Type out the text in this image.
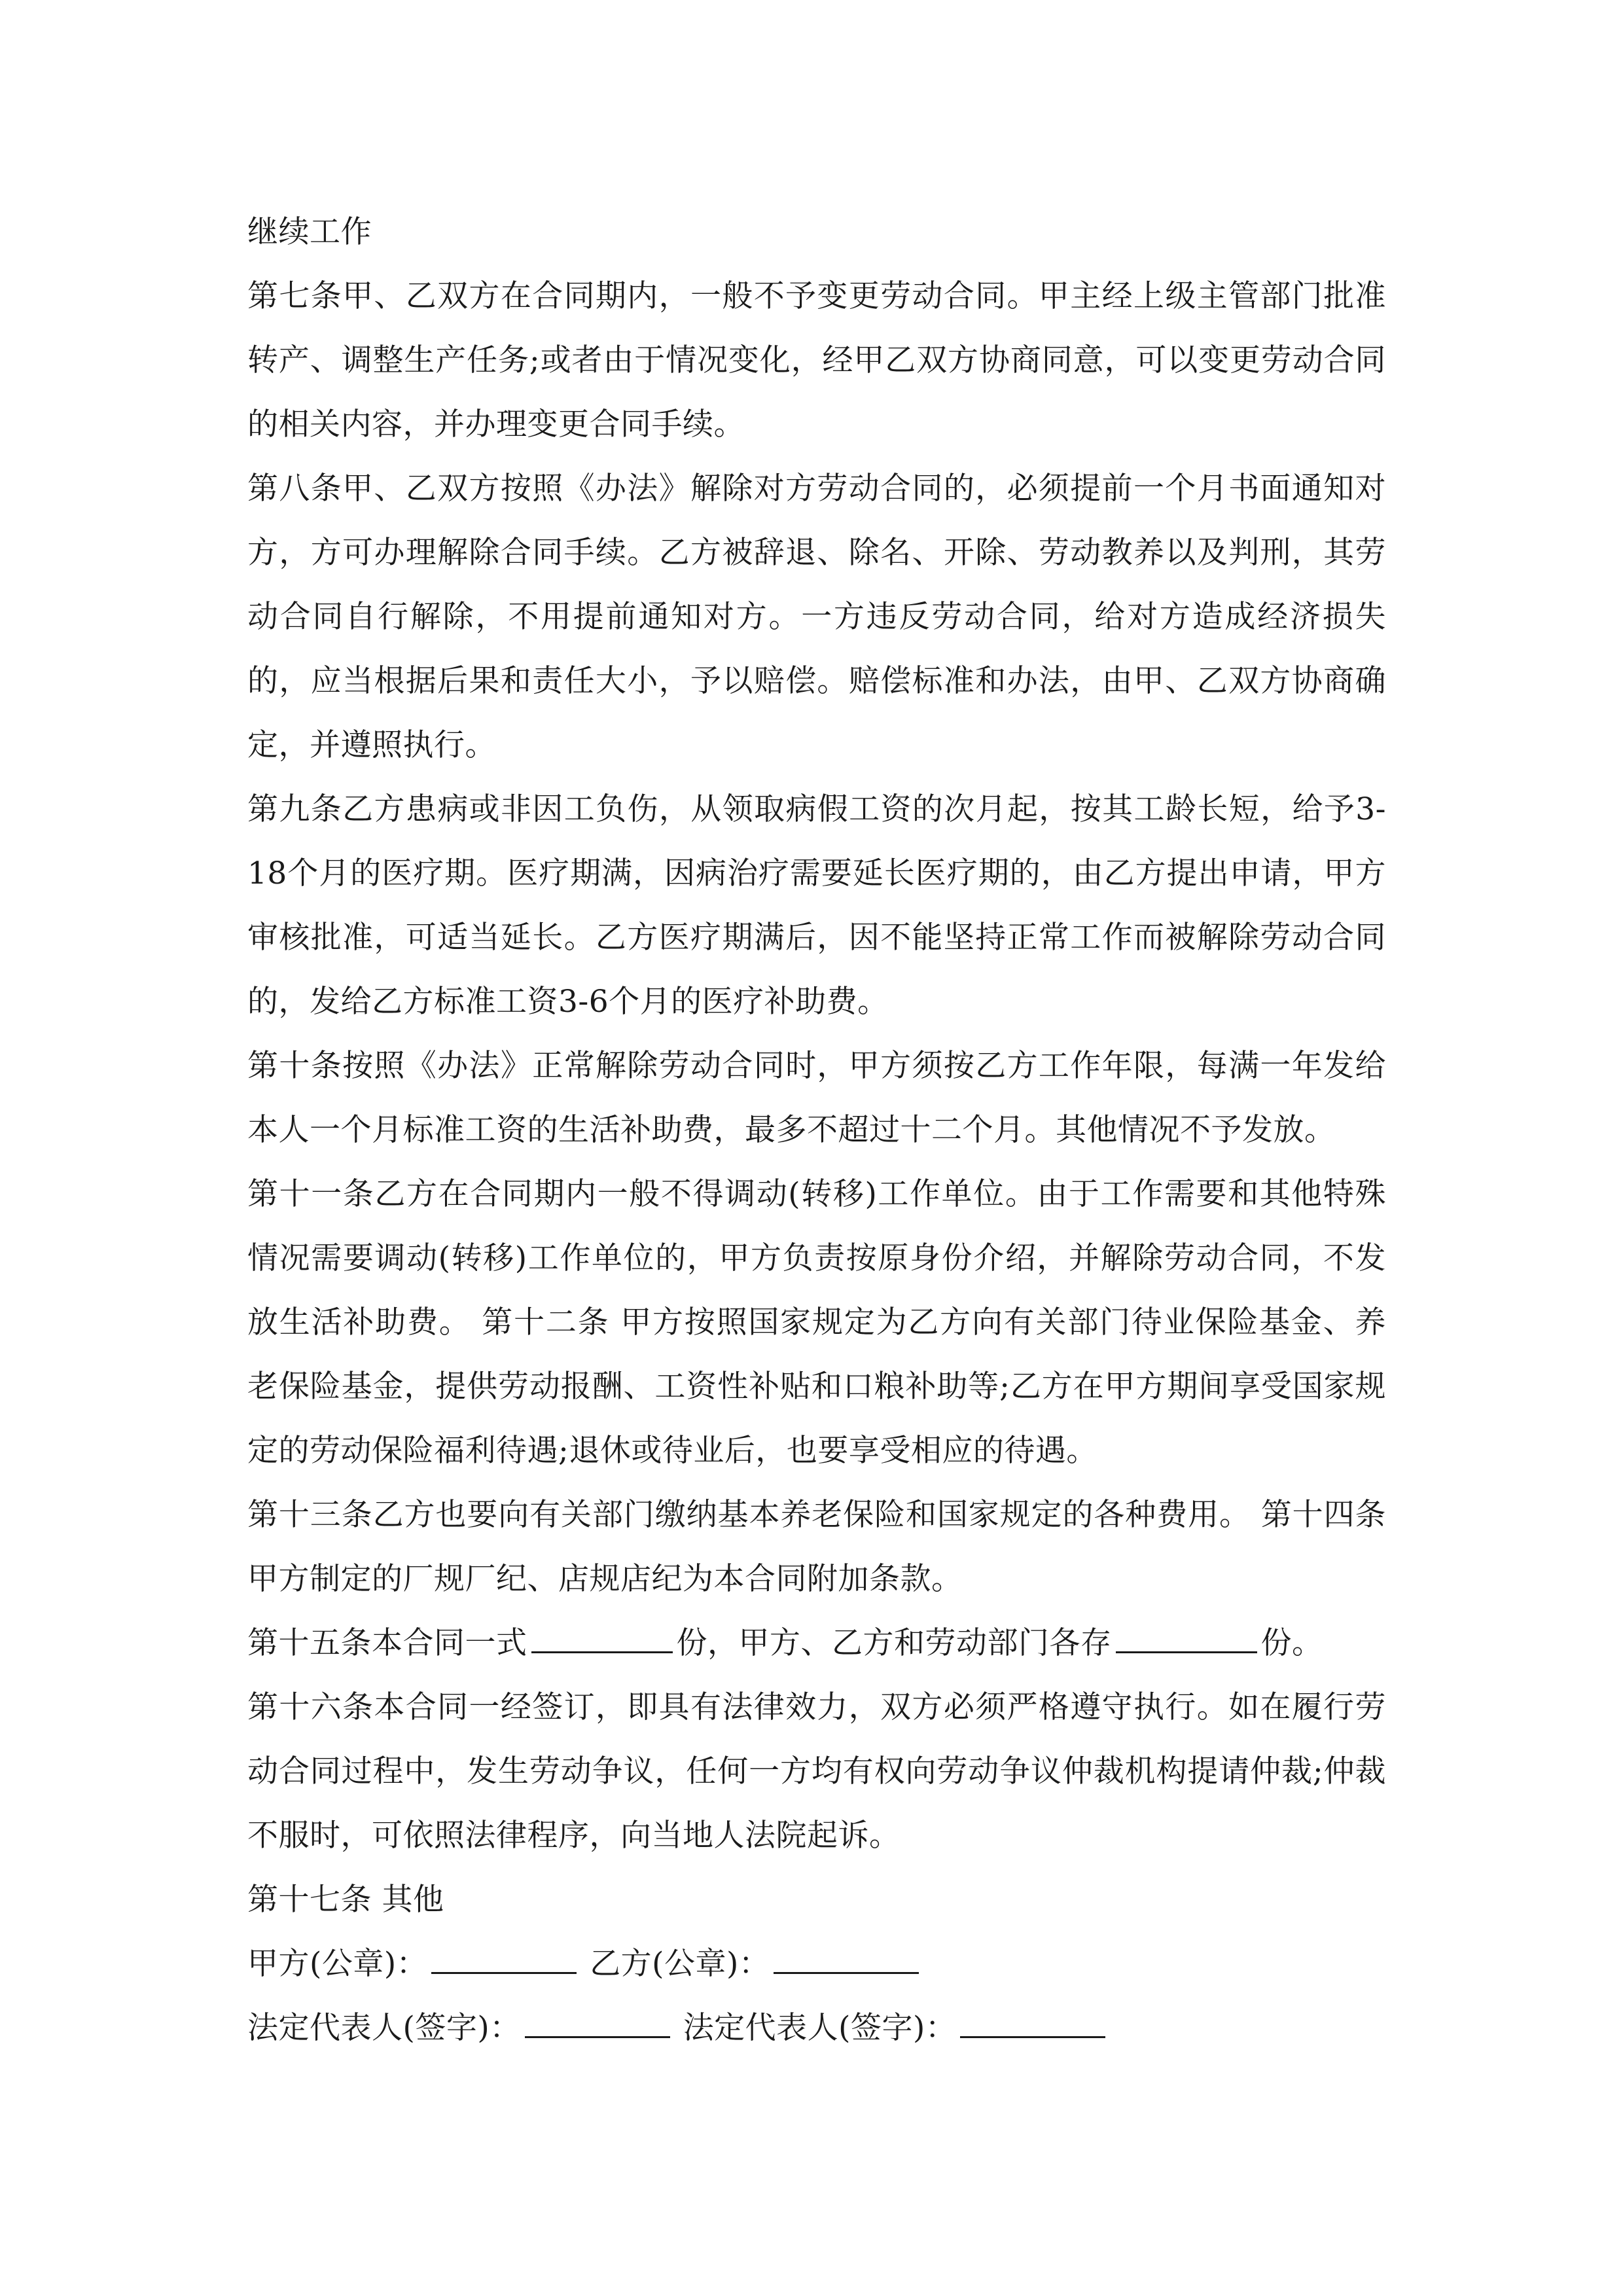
继续工作

第七条甲、乙双方在合同期内，一般不予变更劳动合同。甲主经上级主管部门批准转产、调整生产任务;或者由于情况变化，经甲乙双方协商同意，可以变更劳动合同的相关内容，并办理变更合同手续。

第八条甲、乙双方按照《办法》解除对方劳动合同的，必须提前一个月书面通知对方，方可办理解除合同手续。乙方被辞退、除名、开除、劳动教养以及判刑，其劳动合同自行解除，不用提前通知对方。一方违反劳动合同，给对方造成经济损失的，应当根据后果和责任大小，予以赔偿。赔偿标准和办法，由甲、乙双方协商确定，并遵照执行。

第九条乙方患病或非因工负伤，从领取病假工资的次月起，按其工龄长短，给予3-18个月的医疗期。医疗期满，因病治疗需要延长医疗期的，由乙方提出申请，甲方审核批准，可适当延长。乙方医疗期满后，因不能坚持正常工作而被解除劳动合同的，发给乙方标准工资3-6个月的医疗补助费。

第十条按照《办法》正常解除劳动合同时，甲方须按乙方工作年限，每满一年发给本人一个月标准工资的生活补助费，最多不超过十二个月。其他情况不予发放。

第十一条乙方在合同期内一般不得调动(转移)工作单位。由于工作需要和其他特殊情况需要调动(转移)工作单位的，甲方负责按原身份介绍，并解除劳动合同，不发放生活补助费。 第十二条 甲方按照国家规定为乙方向有关部门待业保险基金、养老保险基金，提供劳动报酬、工资性补贴和口粮补助等;乙方在甲方期间享受国家规定的劳动保险福利待遇;退休或待业后，也要享受相应的待遇。

第十三条乙方也要向有关部门缴纳基本养老保险和国家规定的各种费用。 第十四条 甲方制定的厂规厂纪、店规店纪为本合同附加条款。

第十五条本合同一式	份，甲方、乙方和劳动部门各存	份。

第十六条本合同一经签订，即具有法律效力，双方必须严格遵守执行。如在履行劳动合同过程中，发生劳动争议，任何一方均有权向劳动争议仲裁机构提请仲裁;仲裁不服时，可依照法律程序，向当地人法院起诉。

第十七条 其他

甲方(公章)：	乙方(公章)：

法定代表人(签字)：	法定代表人(签字)：
